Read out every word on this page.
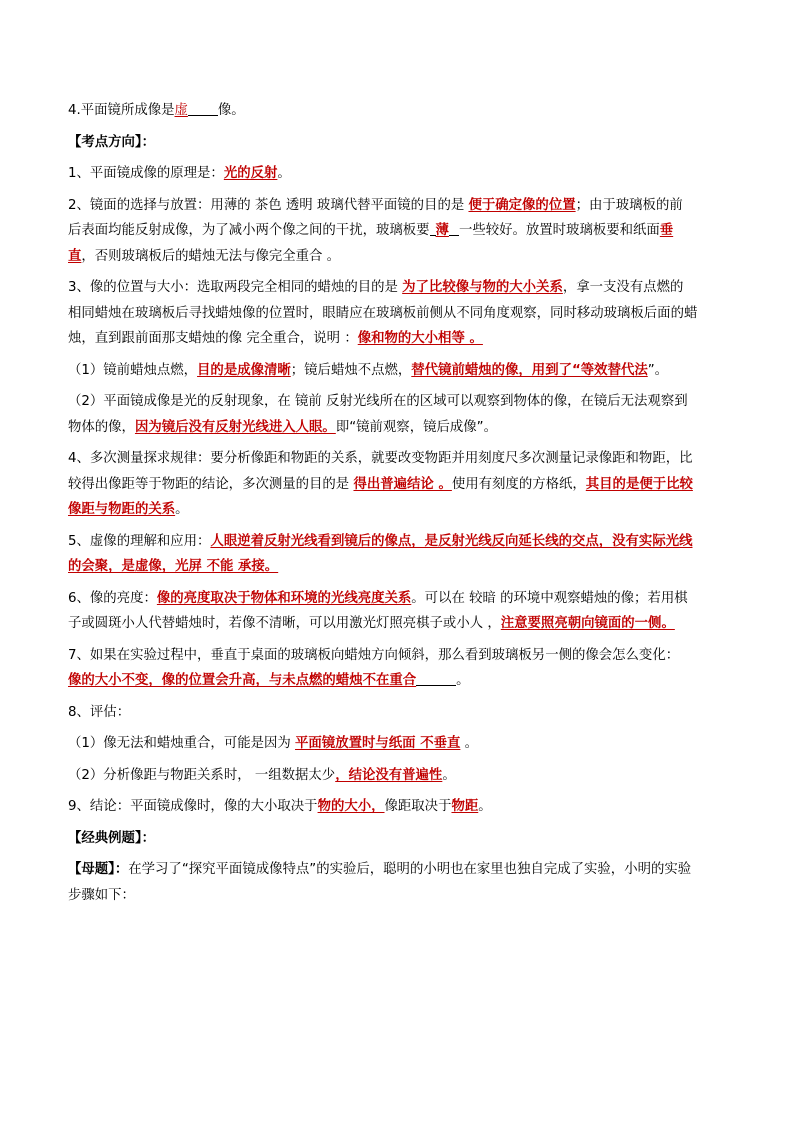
4.平面镜所成像是虚 像。
【考点方向】：
1、平面镜成像的原理是：光的反射。
2、镜面的选择与放置：用薄的 茶色 透明 玻璃代替平面镜的目的是 便于确定像的位置；由于玻璃板的前
后表面均能反射成像，为了减小两个像之间的干扰，玻璃板要 薄 一些较好。放置时玻璃板要和纸面垂
直，否则玻璃板后的蜡烛无法与像完全重合 。
3、像的位置与大小：选取两段完全相同的蜡烛的目的是 为了比较像与物的大小关系，拿一支没有点燃的
相同蜡烛在玻璃板后寻找蜡烛像的位置时，眼睛应在玻璃板前侧从不同角度观察，同时移动玻璃板后面的蜡
烛，直到跟前面那支蜡烛的像 完全重合，说明 ：像和物的大小相等 。
（1）镜前蜡烛点燃，目的是成像清晰；镜后蜡烛不点燃，替代镜前蜡烛的像，用到了“等效替代法”。
（2）平面镜成像是光的反射现象，在 镜前 反射光线所在的区域可以观察到物体的像，在镜后无法观察到
物体的像，因为镜后没有反射光线进入人眼。即“镜前观察，镜后成像”。
4、多次测量探求规律：要分析像距和物距的关系，就要改变物距并用刻度尺多次测量记录像距和物距，比
较得出像距等于物距的结论，多次测量的目的是 得出普遍结论 。使用有刻度的方格纸，其目的是便于比较
像距与物距的关系。
5、虚像的理解和应用：人眼逆着反射光线看到镜后的像点，是反射光线反向延长线的交点，没有实际光线
的会聚，是虚像，光屏 不能 承接。
6、像的亮度：像的亮度取决于物体和环境的光线亮度关系。可以在 较暗 的环境中观察蜡烛的像；若用棋
子或圆斑小人代替蜡烛时，若像不清晰，可以用激光灯照亮棋子或小人 ，注意要照亮朝向镜面的一侧。
7、如果在实验过程中，垂直于桌面的玻璃板向蜡烛方向倾斜，那么看到玻璃板另一侧的像会怎么变化：
像的大小不变，像的位置会升高，与未点燃的蜡烛不在重合	。
8、评估：
（1）像无法和蜡烛重合，可能是因为 平面镜放置时与纸面 不垂直 。
（2）分析像距与物距关系时， 一组数据太少，结论没有普遍性。
9、结论：平面镜成像时，像的大小取决于物的大小，像距取决于物距。
【经典例题】：
【母题】：在学习了“探究平面镜成像特点”的实验后，聪明的小明也在家里也独自完成了实验，小明的实验
步骤如下：
